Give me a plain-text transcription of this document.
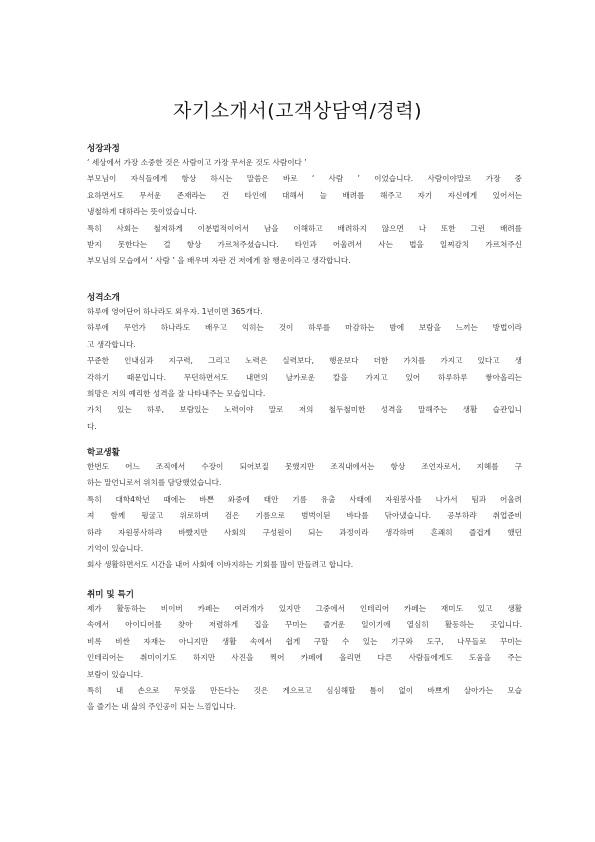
자기소개서(고객상담역/경력)
성장과정
‘ 세상에서 가장 소중한 것은 사람이고 가장 무서운 것도 사람이다 ’
부모님이 자식들에게 항상 하시는 말씀은 바로 ‘ 사람 ’ 이었습니다. 사람이야말로 가장 중
요하면서도 무서운 존재라는 건 타인에 대해서 늘 배려를 해주고 자기 자신에게 있어서는
냉철하게 대하라는 뜻이었습니다.
특히 사회는 철저하게 이분법적이어서 남을 이해하고 배려하지 않으면 나 또한 그런 배려를
받지 못한다는 걸 항상 가르쳐주셨습니다. 타인과 어울려서 사는 법을 일찌감치 가르쳐주신
부모님의 모습에서 ‘ 사람 ’ 을 배우며 자란 건 저에게 참 행운이라고 생각합니다.
성격소개
하루에 영어단어 하나라도 외우자. 1년이면 365개다.
하루에 무언가 하나라도 배우고 익히는 것이 하루를 마감하는 밤에 보람을 느끼는 방법이라
고 생각합니다.
꾸준한 인내심과 지구력, 그리고 노력은 실력보다, 행운보다 더한 가치를 가지고 있다고 생
각하기 때문입니다. 무던하면서도 내면의 날카로운 칼을 가지고 있어 하루하루 쌓아올리는
희망은 저의 예리한 성격을 잘 나타내주는 모습입니다.
가치 있는 하루, 보람있는 노력이야 말로 저의 철두철미한 성격을 말해주는 생활 습관입니
다.
학교생활
한번도 어느 조직에서 수장이 되어보질 못했지만 조직내에서는 항상 조언자로서, 지혜를 구
하는 말언니로서 위치를 담당했었습니다.
특히 대학4학년 때에는 바쁜 와중에 태안 기름 유출 사태에 자원봉사를 나가서 팀과 어울려
져 함께 뒹굴고 위로하며 검은 기름으로 범벅이된 바다를 닦아냈습니다. 공부하랴 취업준비
하랴 자원봉사하랴 바빴지만 사회의 구성원이 되는 과정이라 생각하며 흔쾌히 즐겁게 했던
기억이 있습니다.
회사 생활하면서도 시간을 내어 사회에 이바지하는 기회를 많이 만들려고 합니다.
취미 및 특기
제가 활동하는 비이버 카페는 여러개가 있지만 그중에서 인테리어 카페는 재미도 있고 생활
속에서 아이디어를 찾아 저렴하게 집을 꾸미는 즐거운 일이기에 열심히 활동하는 곳입니다.
비록 비싼 자재는 아니지만 생활 속에서 쉽게 구할 수 있는 기구와 도구, 나무들로 꾸미는
인테리어는 취미이기도 하지만 사진을 찍어 카페에 올리면 다른 사람들에게도 도움을 주는
보람이 있습니다.
특히 내 손으로 무엇을 만든다는 것은 게으르고 심심해할 틈이 없이 바쁘게 살아가는 모습
을 즐기는 내 삶의 주인공이 되는 느낌입니다.
